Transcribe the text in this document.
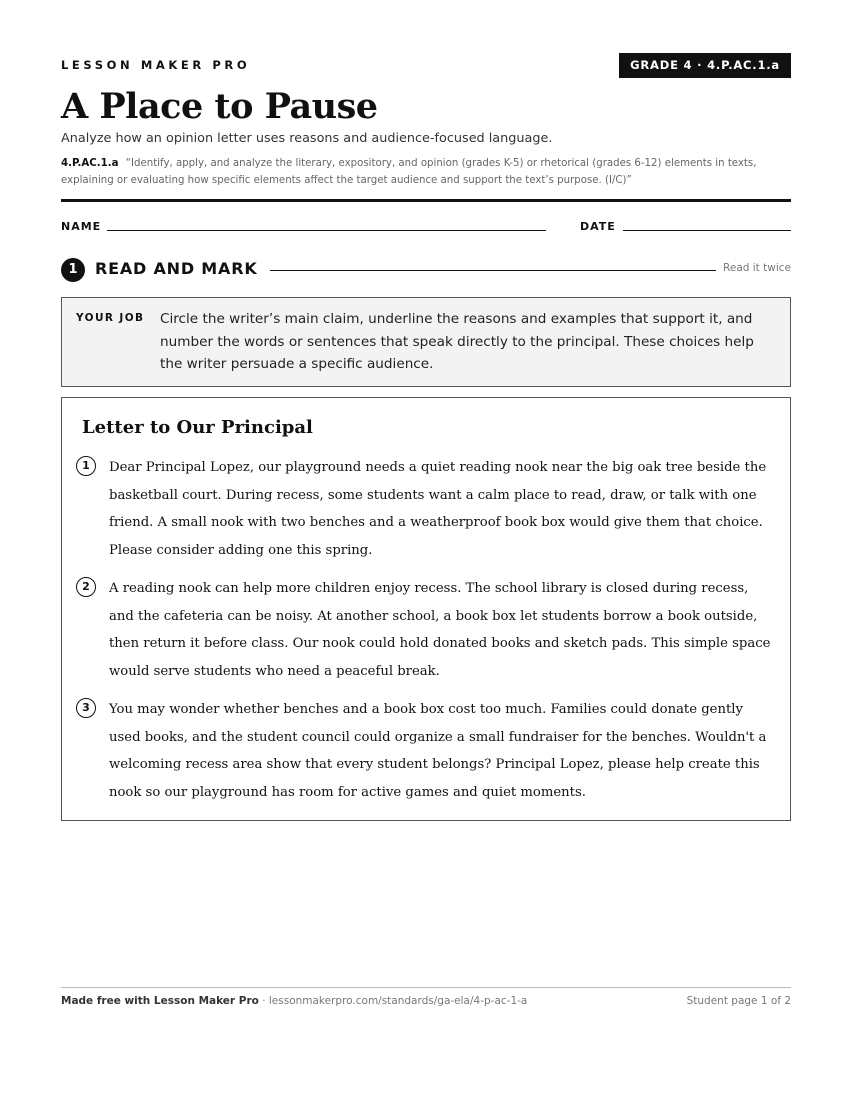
LESSON MAKER PRO	GRADE 4 · 4.P.AC.1.a
A Place to Pause
Analyze how an opinion letter uses reasons and audience-focused language.
4.P.AC.1.a “Identify, apply, and analyze the literary, expository, and opinion (grades K-5) or rhetorical (grades 6-12) elements in texts, explaining or evaluating how specific elements affect the target audience and support the text’s purpose. (I/C)”
NAME	DATE
1	READ AND MARK	Read it twice
YOUR JOB Circle the writer’s main claim, underline the reasons and examples that support it, and number the words or sentences that speak directly to the principal. These choices help the writer persuade a specific audience.
Letter to Our Principal
1	Dear Principal Lopez, our playground needs a quiet reading nook near the big oak tree beside the basketball court. During recess, some students want a calm place to read, draw, or talk with one friend. A small nook with two benches and a weatherproof book box would give them that choice. Please consider adding one this spring.

2	A reading nook can help more children enjoy recess. The school library is closed during recess, and the cafeteria can be noisy. At another school, a book box let students borrow a book outside, then return it before class. Our nook could hold donated books and sketch pads. This simple space would serve students who need a peaceful break.

3	You may wonder whether benches and a book box cost too much. Families could donate gently used books, and the student council could organize a small fundraiser for the benches. Wouldn't a welcoming recess area show that every student belongs? Principal Lopez, please help create this nook so our playground has room for active games and quiet moments.

Made free with Lesson Maker Pro · lessonmakerpro.com/standards/ga-ela/4-p-ac-1-a	Student page 1 of 2
